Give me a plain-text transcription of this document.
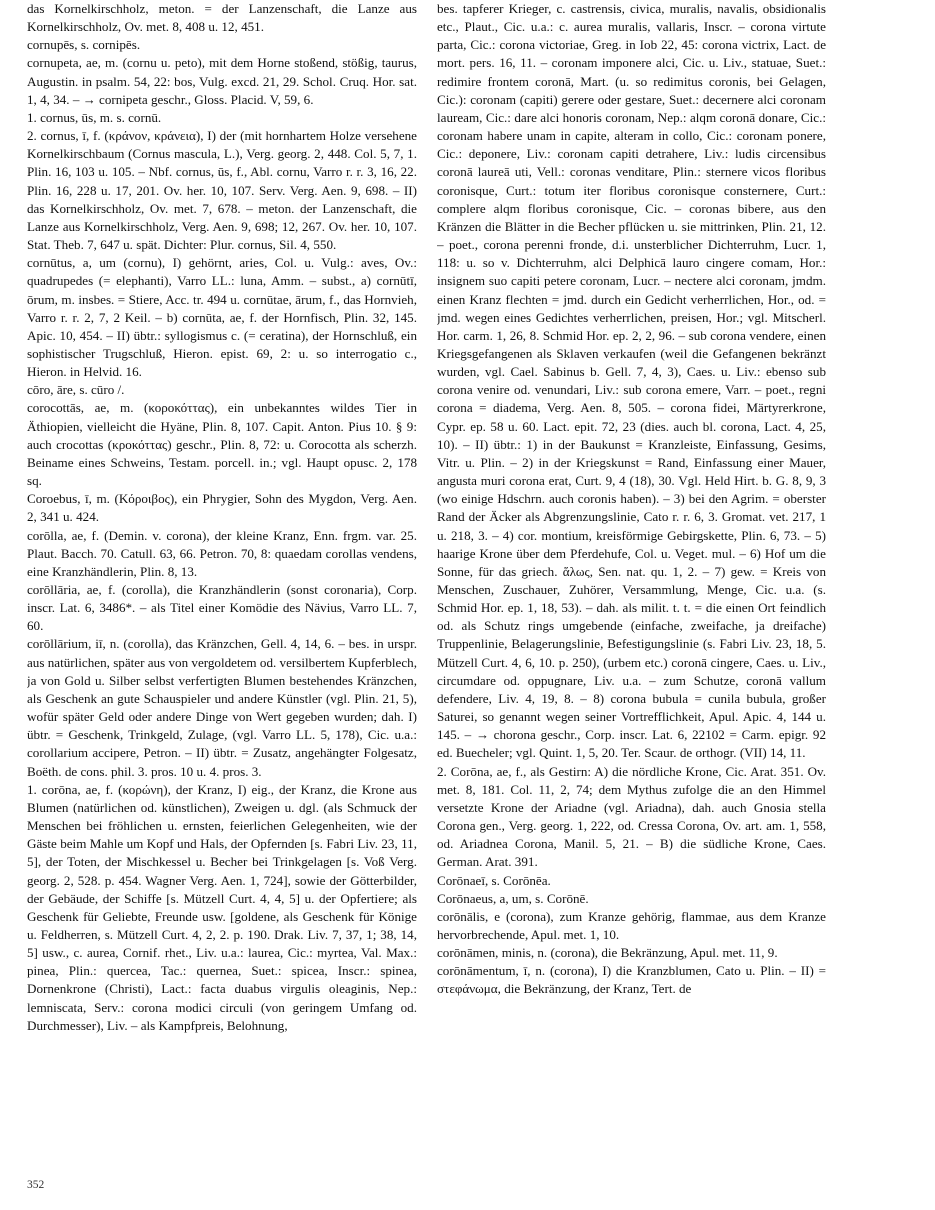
das Kornelkirschholz, meton. = der Lanzenschaft, die Lanze aus Kornelkirschholz, Ov. met. 8, 408 u. 12, 451.

cornupēs, s. cornipēs.

cornupeta, ae, m. (cornu u. peto), mit dem Horne stoßend, stößig, taurus, Augustin. in psalm. 54, 22: bos, Vulg. excd. 21, 29. Schol. Cruq. Hor. sat. 1, 4, 34. – → cornipeta geschr., Gloss. Placid. V, 59, 6.

1. cornus, ūs, m. s. cornū.

2. cornus, ī, f. (κράνον, κράνεια), I) der (mit hornhartem Holze versehene Kornelkirschbaum (Cornus mascula, L.), Verg. georg. 2, 448. Col. 5, 7, 1. Plin. 16, 103 u. 105. – Nbf. cornus, ūs, f., Abl. cornu, Varro r. r. 3, 16, 22. Plin. 16, 228 u. 17, 201. Ov. her. 10, 107. Serv. Verg. Aen. 9, 698. – II) das Kornelkirschholz, Ov. met. 7, 678. – meton. der Lanzenschaft, die Lanze aus Kornelkirschholz, Verg. Aen. 9, 698; 12, 267. Ov. her. 10, 107. Stat. Theb. 7, 647 u. spät. Dichter: Plur. cornus, Sil. 4, 550.

cornūtus, a, um (cornu), I) gehörnt, aries, Col. u. Vulg.: aves, Ov.: quadrupedes (= elephanti), Varro LL.: luna, Amm. – subst., a) cornūtī, ōrum, m. insbes. = Stiere, Acc. tr. 494 u. cornūtae, ārum, f., das Hornvieh, Varro r. r. 2, 7, 2 Keil. – b) cornūta, ae, f. der Hornfisch, Plin. 32, 145. Apic. 10, 454. – II) übtr.: syllogismus c. (= ceratina), der Hornschluß, ein sophistischer Trugschluß, Hieron. epist. 69, 2: u. so interrogatio c., Hieron. in Helvid. 16.

cōro, āre, s. cūro /.

corocottās, ae, m. (κοροκόττας), ein unbekanntes wildes Tier in Äthiopien, vielleicht die Hyäne, Plin. 8, 107. Capit. Anton. Pius 10. § 9: auch crocottas (κροκόττας) geschr., Plin. 8, 72: u. Corocotta als scherzh. Beiname eines Schweins, Testam. porcell. in.; vgl. Haupt opusc. 2, 178 sq.

Coroebus, ī, m. (Κόροιβος), ein Phrygier, Sohn des Mygdon, Verg. Aen. 2, 341 u. 424.

corōlla, ae, f. (Demin. v. corona), der kleine Kranz, Enn. frgm. var. 25. Plaut. Bacch. 70. Catull. 63, 66. Petron. 70, 8: quaedam corollas vendens, eine Kranzhändlerin, Plin. 8, 13.

corōllāria, ae, f. (corolla), die Kranzhändlerin (sonst coronaria), Corp. inscr. Lat. 6, 3486*. – als Titel einer Komödie des Nävius, Varro LL. 7, 60.

corōllārium, iī, n. (corolla), das Kränzchen, Gell. 4, 14, 6. – bes. in urspr. aus natürlichen, später aus von vergoldetem od. versilbertem Kupferblech, ja von Gold u. Silber selbst verfertigten Blumen bestehendes Kränzchen, als Geschenk an gute Schauspieler und andere Künstler (vgl. Plin. 21, 5), wofür später Geld oder andere Dinge von Wert gegeben wurden; dah. I) übtr. = Geschenk, Trinkgeld, Zulage, (vgl. Varro LL. 5, 178), Cic. u.a.: corollarium accipere, Petron. – II) übtr. = Zusatz, angehängter Folgesatz, Boëth. de cons. phil. 3. pros. 10 u. 4. pros. 3.

1. corōna, ae, f. (κορώνη), der Kranz, I) eig., der Kranz, die Krone aus Blumen (natürlichen od. künstlichen), Zweigen u. dgl. (als Schmuck der Menschen bei fröhlichen u. ernsten, feierlichen Gelegenheiten, wie der Gäste beim Mahle um Kopf und Hals, der Opfernden [s. Fabri Liv. 23, 11, 5], der Toten, der Mischkessel u. Becher bei Trinkgelagen [s. Voß Verg. georg. 2, 528. p. 454. Wagner Verg. Aen. 1, 724], sowie der Götterbilder, der Gebäude, der Schiffe [s. Mützell Curt. 4, 4, 5] u. der Opfertiere; als Geschenk für Geliebte, Freunde usw. [goldene, als Geschenk für Könige u. Feldherren, s. Mützell Curt. 4, 2, 2. p. 190. Drak. Liv. 7, 37, 1; 38, 14, 5] usw., c. aurea, Cornif. rhet., Liv. u.a.: laurea, Cic.: myrtea, Val. Max.: pinea, Plin.: quercea, Tac.: quernea, Suet.: spicea, Inscr.: spinea, Dornenkrone (Christi), Lact.: facta duabus virgulis oleaginis, Nep.: lemniscata, Serv.: corona modici circuli (von geringem Umfang od. Durchmesser), Liv. – als Kampfpreis, Belohnung,

bes. tapferer Krieger, c. castrensis, civica, muralis, navalis, obsidionalis etc., Plaut., Cic. u.a.: c. aurea muralis, vallaris, Inscr. – corona virtute parta, Cic.: corona victoriae, Greg. in Iob 22, 45: corona victrix, Lact. de mort. pers. 16, 11. – coronam imponere alci, Cic. u. Liv., statuae, Suet.: redimire frontem coronā, Mart. (u. so redimitus coronis, bei Gelagen, Cic.): coronam (capiti) gerere oder gestare, Suet.: decernere alci coronam lauream, Cic.: dare alci honoris coronam, Nep.: alqm coronā donare, Cic.: coronam habere unam in capite, alteram in collo, Cic.: coronam ponere, Cic.: deponere, Liv.: coronam capiti detrahere, Liv.: ludis circensibus coronā laureā uti, Vell.: coronas venditare, Plin.: sternere vicos floribus coronisque, Curt.: totum iter floribus coronisque consternere, Curt.: complere alqm floribus coronisque, Cic. – coronas bibere, aus den Kränzen die Blätter in die Becher pflücken u. sie mittrinken, Plin. 21, 12. – poet., corona perenni fronde, d.i. unsterblicher Dichterruhm, Lucr. 1, 118: u. so v. Dichterruhm, alci Delphicā lauro cingere comam, Hor.: insignem suo capiti petere coronam, Lucr. – nectere alci coronam, jmdm. einen Kranz flechten = jmd. durch ein Gedicht verherrlichen, Hor., od. = jmd. wegen eines Gedichtes verherrlichen, preisen, Hor.; vgl. Mitscherl. Hor. carm. 1, 26, 8. Schmid Hor. ep. 2, 2, 96. – sub corona vendere, einen Kriegsgefangenen als Sklaven verkaufen (weil die Gefangenen bekränzt wurden, vgl. Cael. Sabinus b. Gell. 7, 4, 3), Caes. u. Liv.: ebenso sub corona venire od. venundari, Liv.: sub corona emere, Varr. – poet., regni corona = diadema, Verg. Aen. 8, 505. – corona fidei, Märtyrerkrone, Cypr. ep. 58 u. 60. Lact. epit. 72, 23 (dies. auch bl. corona, Lact. 4, 25, 10). – II) übtr.: 1) in der Baukunst = Kranzleiste, Einfassung, Gesims, Vitr. u. Plin. – 2) in der Kriegskunst = Rand, Einfassung einer Mauer, angusta muri corona erat, Curt. 9, 4 (18), 30. Vgl. Held Hirt. b. G. 8, 9, 3 (wo einige Hdschrn. auch coronis haben). – 3) bei den Agrim. = oberster Rand der Äcker als Abgrenzungslinie, Cato r. r. 6, 3. Gromat. vet. 217, 1 u. 218, 3. – 4) cor. montium, kreisförmige Gebirgskette, Plin. 6, 73. – 5) haarige Krone über dem Pferdehufe, Col. u. Veget. mul. – 6) Hof um die Sonne, für das griech. ἅλως, Sen. nat. qu. 1, 2. – 7) gew. = Kreis von Menschen, Zuschauer, Zuhörer, Versammlung, Menge, Cic. u.a. (s. Schmid Hor. ep. 1, 18, 53). – dah. als milit. t. t. = die einen Ort feindlich od. als Schutz rings umgebende (einfache, zweifache, ja dreifache) Truppenlinie, Belagerungslinie, Befestigungslinie (s. Fabri Liv. 23, 18, 5. Mützell Curt. 4, 6, 10. p. 250), (urbem etc.) coronā cingere, Caes. u. Liv., circumdare od. oppugnare, Liv. u.a. – zum Schutze, coronā vallum defendere, Liv. 4, 19, 8. – 8) corona bubula = cunila bubula, großer Saturei, so genannt wegen seiner Vortrefflichkeit, Apul. Apic. 4, 144 u. 145. – → chorona geschr., Corp. inscr. Lat. 6, 22102 = Carm. epigr. 92 ed. Buecheler; vgl. Quint. 1, 5, 20. Ter. Scaur. de orthogr. (VII) 14, 11.

2. Corōna, ae, f., als Gestirn: A) die nördliche Krone, Cic. Arat. 351. Ov. met. 8, 181. Col. 11, 2, 74; dem Mythus zufolge die an den Himmel versetzte Krone der Ariadne (vgl. Ariadna), dah. auch Gnosia stella Corona gen., Verg. georg. 1, 222, od. Cressa Corona, Ov. art. am. 1, 558, od. Ariadnea Corona, Manil. 5, 21. – B) die südliche Krone, Caes. German. Arat. 391.

Corōnaeī, s. Corōnēa.

Corōnaeus, a, um, s. Corōnē.

corōnālis, e (corona), zum Kranze gehörig, flammae, aus dem Kranze hervorbrechende, Apul. met. 1, 10.

corōnāmen, minis, n. (corona), die Bekränzung, Apul. met. 11, 9.

corōnāmentum, ī, n. (corona), I) die Kranzblumen, Cato u. Plin. – II) = στεφάνωμα, die Bekränzung, der Kranz, Tert. de

352
